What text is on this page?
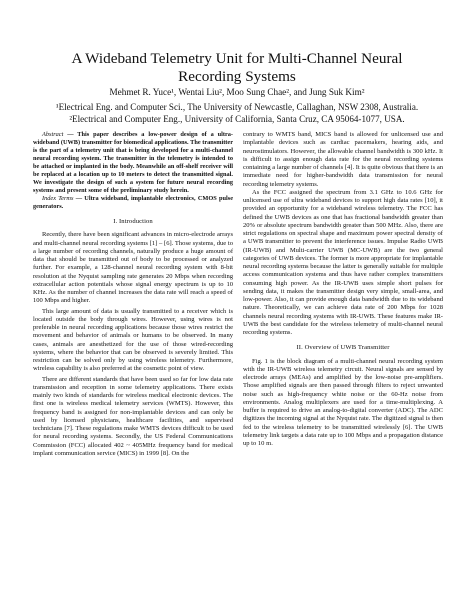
A Wideband Telemetry Unit for Multi-Channel Neural
Recording Systems
Mehmet R. Yuce¹, Wentai Liu², Moo Sung Chae², and Jung Suk Kim²
¹Electrical Eng. and Computer Sci., The University of Newcastle, Callaghan, NSW 2308, Australia.
²Electrical and Computer Eng., University of California, Santa Cruz, CA 95064-1077, USA.

Abstract — This paper describes a low-power design of a ultra-wideband (UWB) transmitter for biomedical applications. The transmitter is the part of a telemetry unit that is being developed for a multi-channel neural recording system. The transmitter in the telemetry is intended to be attached or implanted in the body. Meanwhile an off-shelf receiver will be replaced at a location up to 10 meters to detect the transmitted signal. We investigate the design of such a system for future neural recording systems and present some of the preliminary study herein.

Index Terms — Ultra wideband, implantable electronics, CMOS pulse generators.

I. Introduction

Recently, there have been significant advances in micro-electrode arrays and multi-channel neural recording systems [1] – [6]. Those systems, due to a large number of recording channels, naturally produce a huge amount of data that should be transmitted out of body to be processed or analyzed further. For example, a 128-channel neural recording system with 8-bit resolution at the Nyquist sampling rate generates 20 Mbps when recording extracellular action potentials whose signal energy spectrum is up to 10 KHz. As the number of channel increases the data rate will reach a speed of 100 Mbps and higher.

This large amount of data is usually transmitted to a receiver which is located outside the body through wires. However, using wires is not preferable in neural recording applications because those wires restrict the movement and behavior of animals or humans to be observed. In many cases, animals are anesthetized for the use of those wired-recording systems, where the behavior that can be observed is severely limited. This restriction can be solved only by using wireless telemetry. Furthermore, wireless capability is also preferred at the cosmetic point of view.

There are different standards that have been used so far for low data rate transmission and reception in some telemetry applications. There exists mainly two kinds of standards for wireless medical electronic devices. The first one is wireless medical telemetry services (WMTS). However, this frequency band is assigned for non-implantable devices and can only be used by licensed physicians, healthcare facilities, and supervised technicians [7]. These regulations make WMTS devices difficult to be used for neural recording systems. Secondly, the US Federal Communications Commission (FCC) allocated 402 ~ 405MHz frequency band for medical implant communication service (MICS) in 1999 [8]. On the

contrary to WMTS band, MICS band is allowed for unlicensed use and implantable devices such as cardiac pacemakers, hearing aids, and neurostimulators. However, the allowable channel bandwidth is 300 kHz. It is difficult to assign enough data rate for the neural recording systems containing a large number of channels [4]. It is quite obvious that there is an immediate need for higher-bandwidth data transmission for neural recording telemetry systems.

As the FCC assigned the spectrum from 3.1 GHz to 10.6 GHz for unlicensed use of ultra wideband devices to support high data rates [10], it provided an opportunity for a wideband wireless telemetry. The FCC has defined the UWB devices as one that has fractional bandwidth greater than 20% or absolute spectrum bandwidth greater than 500 MHz. Also, there are strict regulations on spectral shape and maximum power spectral density of a UWB transmitter to prevent the interference issues. Impulse Radio UWB (IR-UWB) and Multi-carrier UWB (MC-UWB) are the two general categories of UWB devices. The former is more appropriate for implantable neural recording systems because the latter is generally suitable for multiple access communication systems and thus have rather complex transmitters consuming high power. As the IR-UWB uses simple short pulses for sending data, it makes the transmitter design very simple, small-area, and low-power. Also, it can provide enough data bandwidth due to its wideband nature. Theoretically, we can achieve data rate of 200 Mbps for 1028 channels neural recording systems with IR-UWB. These features make IR-UWB the best candidate for the wireless telemetry of multi-channel neural recording systems.

II. Overview of UWB Transmitter

Fig. 1 is the block diagram of a multi-channel neural recording system with the IR-UWB wireless telemetry circuit. Neural signals are sensed by electrode arrays (MEAs) and amplified by the low-noise pre-amplifiers. Those amplified signals are then passed through filters to reject unwanted noise such as high-frequency white noise or the 60-Hz noise from environments. Analog multiplexers are used for a time-multiplexing. A buffer is required to drive an analog-to-digital converter (ADC). The ADC digitizes the incoming signal at the Nyquist rate. The digitized signal is then fed to the wireless telemetry to be transmitted wirelessly [6]. The UWB telemetry link targets a data rate up to 100 Mbps and a propagation distance up to 10 m.
